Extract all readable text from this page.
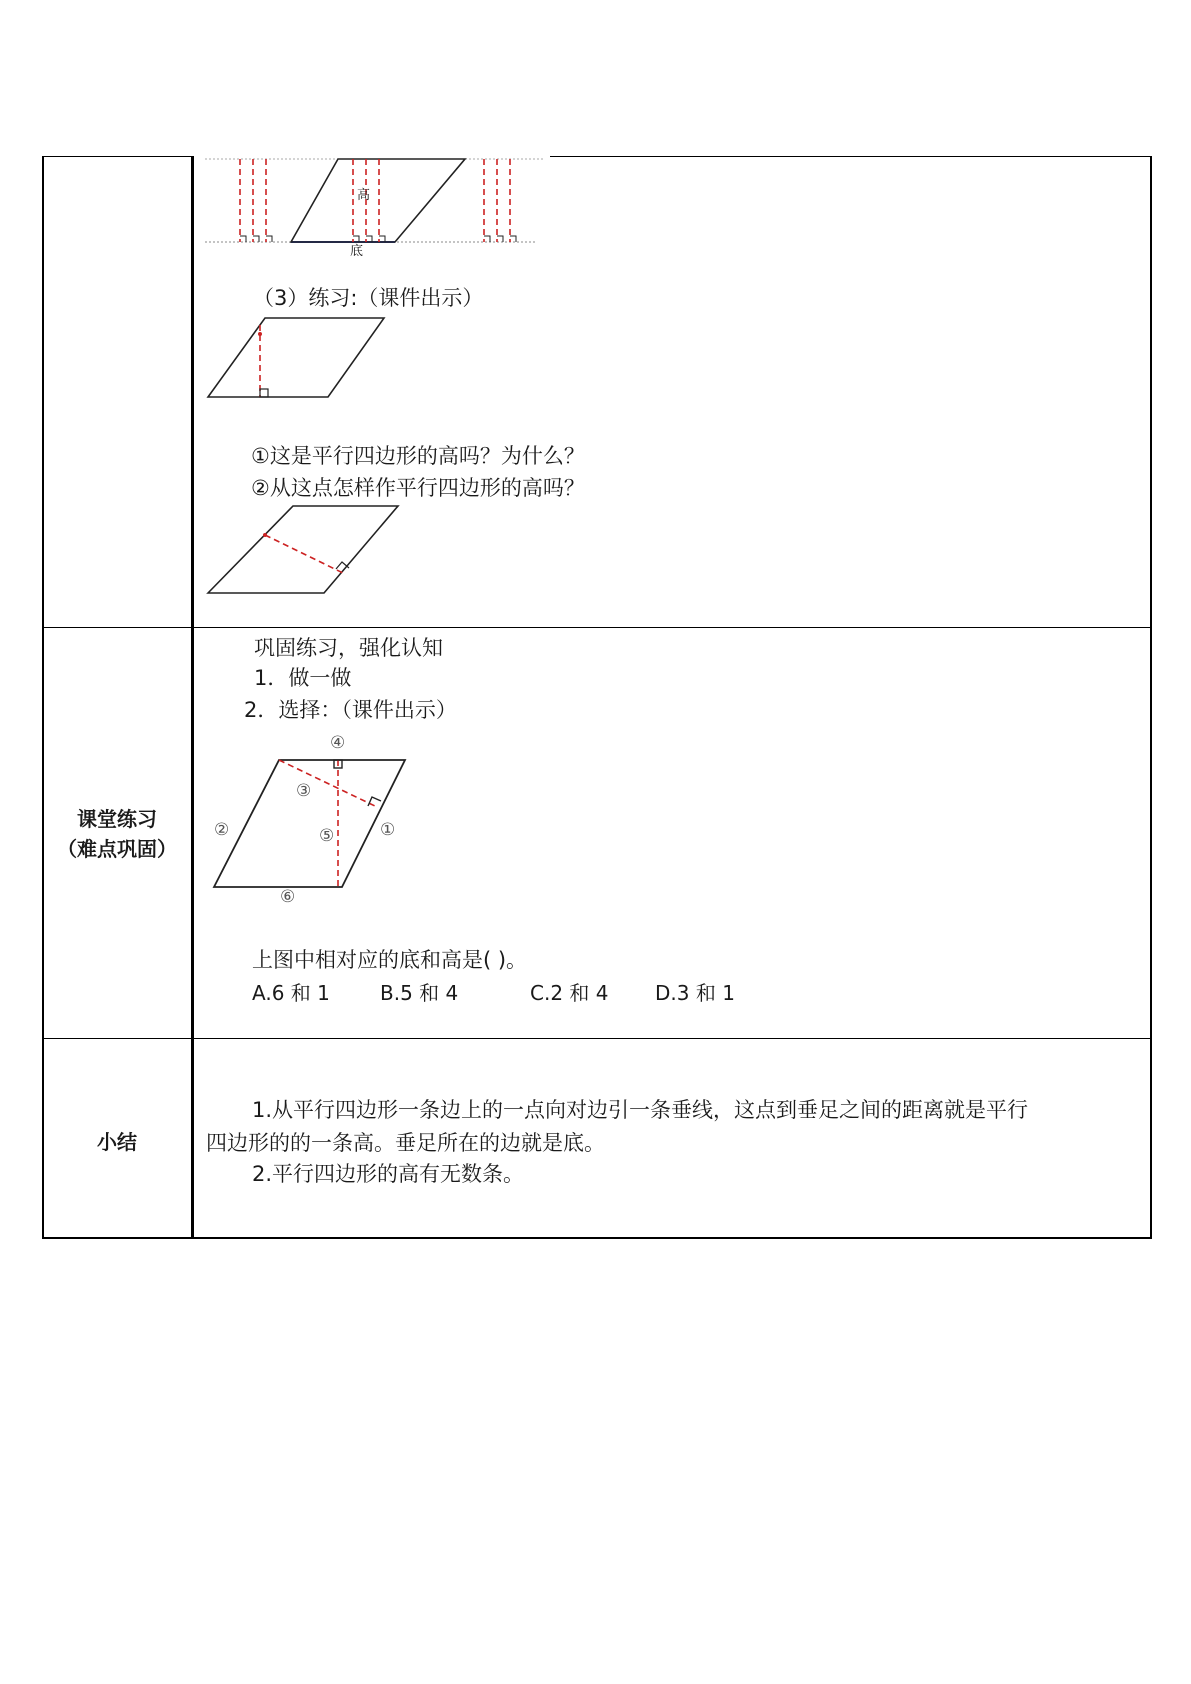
高
底
（3）练习:（课件出示）
①这是平行四边形的高吗？为什么？
②从这点怎样作平行四边形的高吗？
课堂练习
（难点巩固）
巩固练习，强化认知
1．做一做
2．选择：（课件出示）
④
③
②	⑤	①
⑥
上图中相对应的底和高是( )。
A.6 和 1	B.5 和 4	C.2 和 4 D.3 和 1
小结
1.从平行四边形一条边上的一点向对边引一条垂线，这点到垂足之间的距离就是平行
四边形的的一条高。垂足所在的边就是底。
2.平行四边形的高有无数条。
